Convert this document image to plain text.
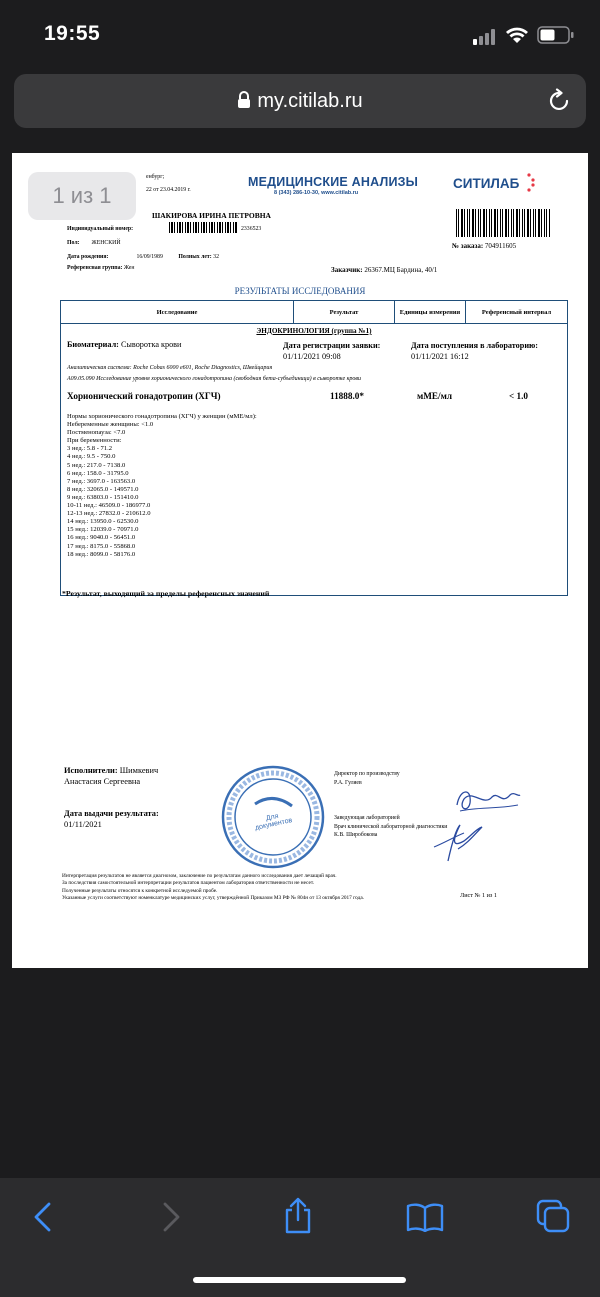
19:55
my.citilab.ru
енбург;
22 от 23.04.2019 г.
МЕДИЦИНСКИЕ АНАЛИЗЫ
8 (343) 286-10-30, www.citilab.ru
СИТИЛАБ
ШАКИРОВА ИРИНА ПЕТРОВНА
Индивидуальный номер:	2336523
№ заказа: 704911605
Пол: ЖЕНСКИЙ
Дата рождения:	16/09/1989	Полных лет: 32
Референсная группа: Жен	Заказчик: 26367.МЦ Бардина, 40/1
РЕЗУЛЬТАТЫ ИССЛЕДОВАНИЯ
Исследование	Результат	Единицы измерения	Референсный интервал
ЭНДОКРИНОЛОГИЯ (группа №1)
Биоматериал: Сыворотка крови	Дата регистрации заявки:
01/11/2021 09:08
Дата поступления в лабораторию:
01/11/2021 16:12
Аналитическая система: Roche Cobas 6000 e601, Roche Diagnostics, Швейцария
A09.05.090 Исследование уровня хорионического гонадотропина (свободная бета-субъединица) в сыворотке крови
Хорионический гонадотропин (ХГЧ)	11888.0*	мМЕ/мл	< 1.0
Нормы хорионического гонадотропина (ХГЧ) у женщин (мМЕ/мл):
Небеременные женщины: <1.0
Постменопауза: <7.0
При беременности:
3 нед.: 5.8 - 71.2
4 нед.: 9.5 - 750.0
5 нед.: 217.0 - 7138.0
6 нед.: 158.0 - 31795.0
7 нед.: 3697.0 - 163563.0
8 нед.: 32065.0 - 149571.0
9 нед.: 63803.0 - 151410.0
10-11 нед.: 46509.0 - 186977.0
12-13 нед.: 27832.0 - 210612.0
14 нед.: 13950.0 - 62530.0
15 нед.: 12039.0 - 70971.0
16 нед.: 9040.0 - 56451.0
17 нед.: 8175.0 - 55868.0
18 нед.: 8099.0 - 58176.0
*Результат, выходящий за пределы референсных значений
Исполнители: Шимкевич
Анастасия Сергеевна
Дата выдачи результата:
01/11/2021
Для документов
Директор по производству
Р.А. Гуляев
Заведующая лабораторией
Врач клинической лабораторной диагностики
К.В. Широбокова
Интерпретация результатов не является диагнозом, заключение по результатам данного исследования дает лечащий врач.
За последствия самостоятельной интерпретации результатов пациентом лаборатория ответственности не несет.
Полученные результаты относятся к конкретной исследуемой пробе.
Указанные услуги соответствуют номенклатуре медицинских услуг, утверждённой Приказом МЗ РФ № 804н от 13 октября 2017 года.	Лист № 1 из 1
1 из 1
